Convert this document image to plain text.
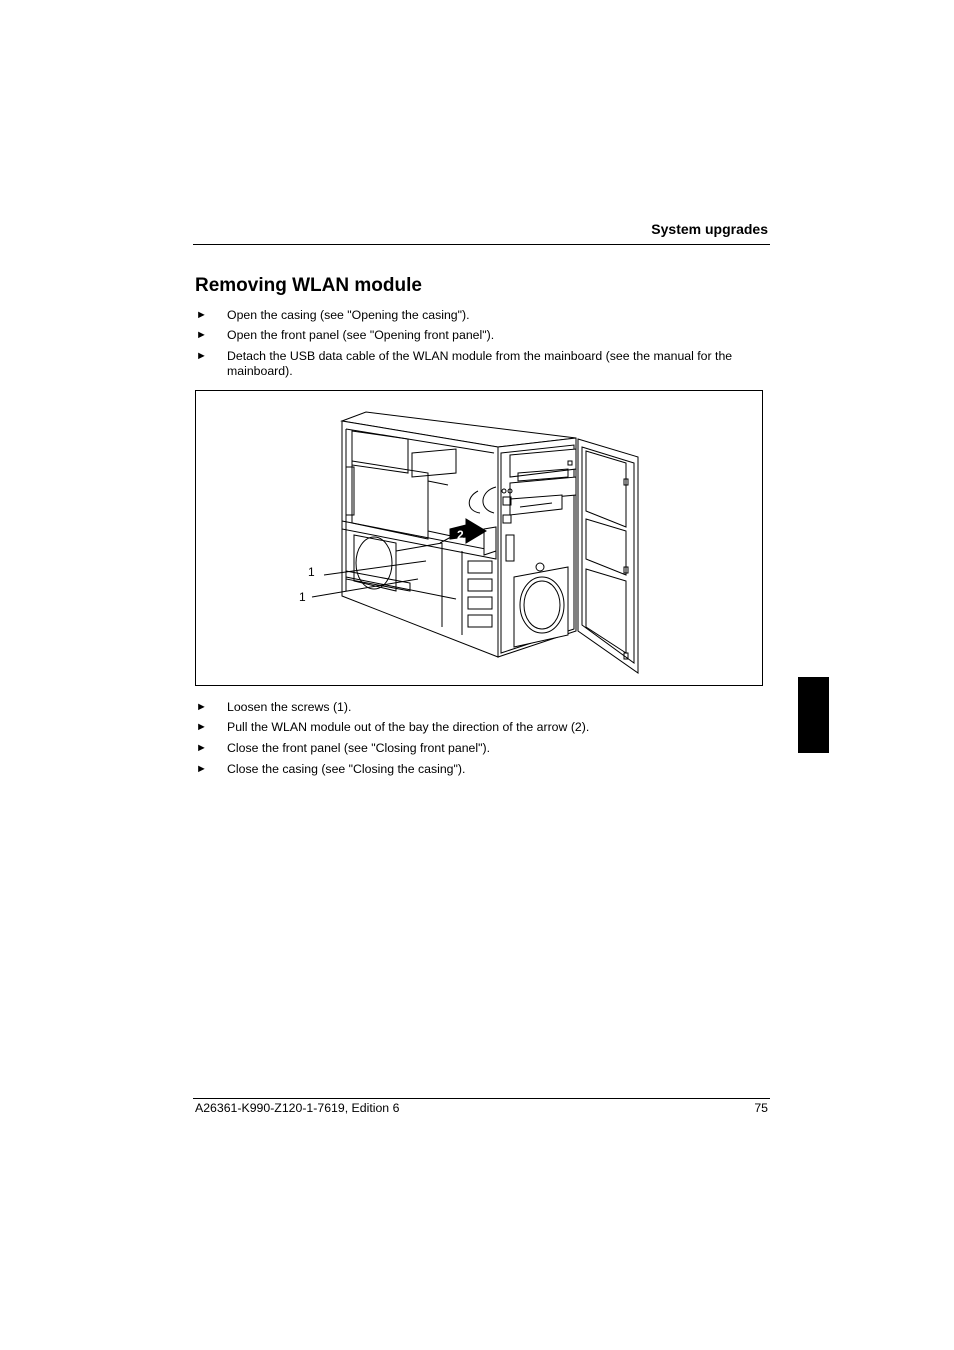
System upgrades
Removing WLAN module
► Open the casing (see "Opening the casing").
► Open the front panel (see "Opening front panel").
► Detach the USB data cable of the WLAN module from the mainboard (see the manual for the mainboard).
1
1
2
► Loosen the screws (1).
► Pull the WLAN module out of the bay the direction of the arrow (2).
► Close the front panel (see "Closing front panel").
► Close the casing (see "Closing the casing").
A26361-K990-Z120-1-7619, Edition 6	75
